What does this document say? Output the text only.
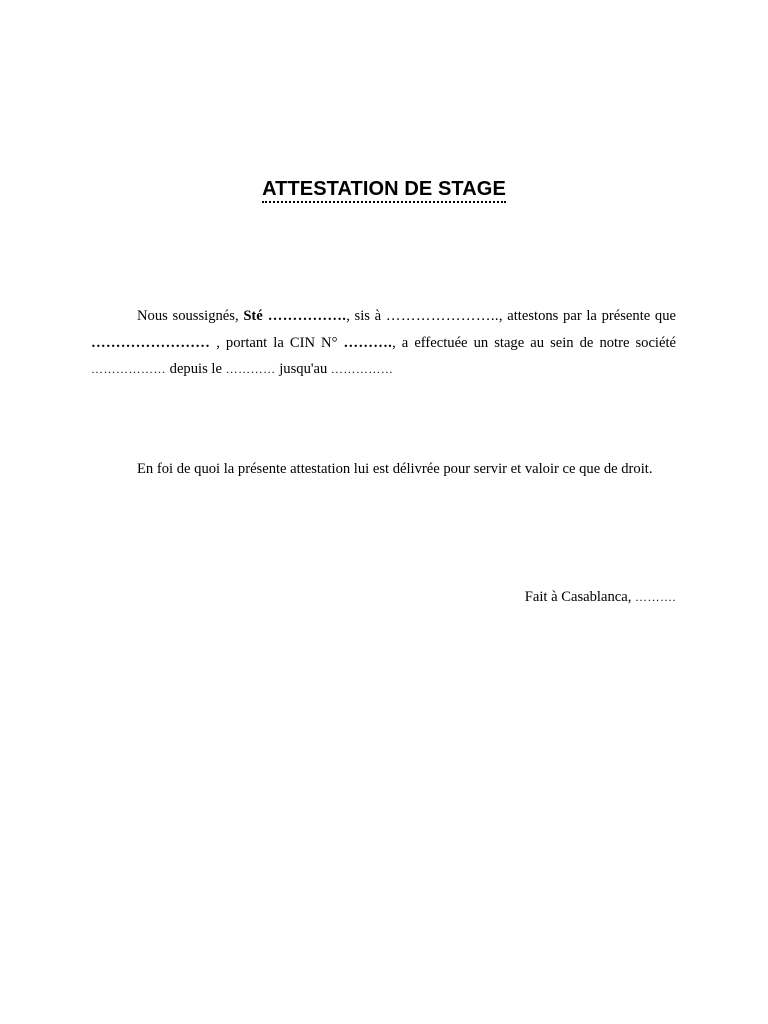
ATTESTATION DE STAGE

Nous soussignés, Sté ……………., sis à ………………….., attestons par la présente que …………………… , portant la CIN N° ………., a effectuée un stage au sein de notre société ……………… depuis le ………… jusqu'au ……………

En foi de quoi la présente attestation lui est délivrée pour servir et valoir ce que de droit.

Fait à Casablanca, ……….
